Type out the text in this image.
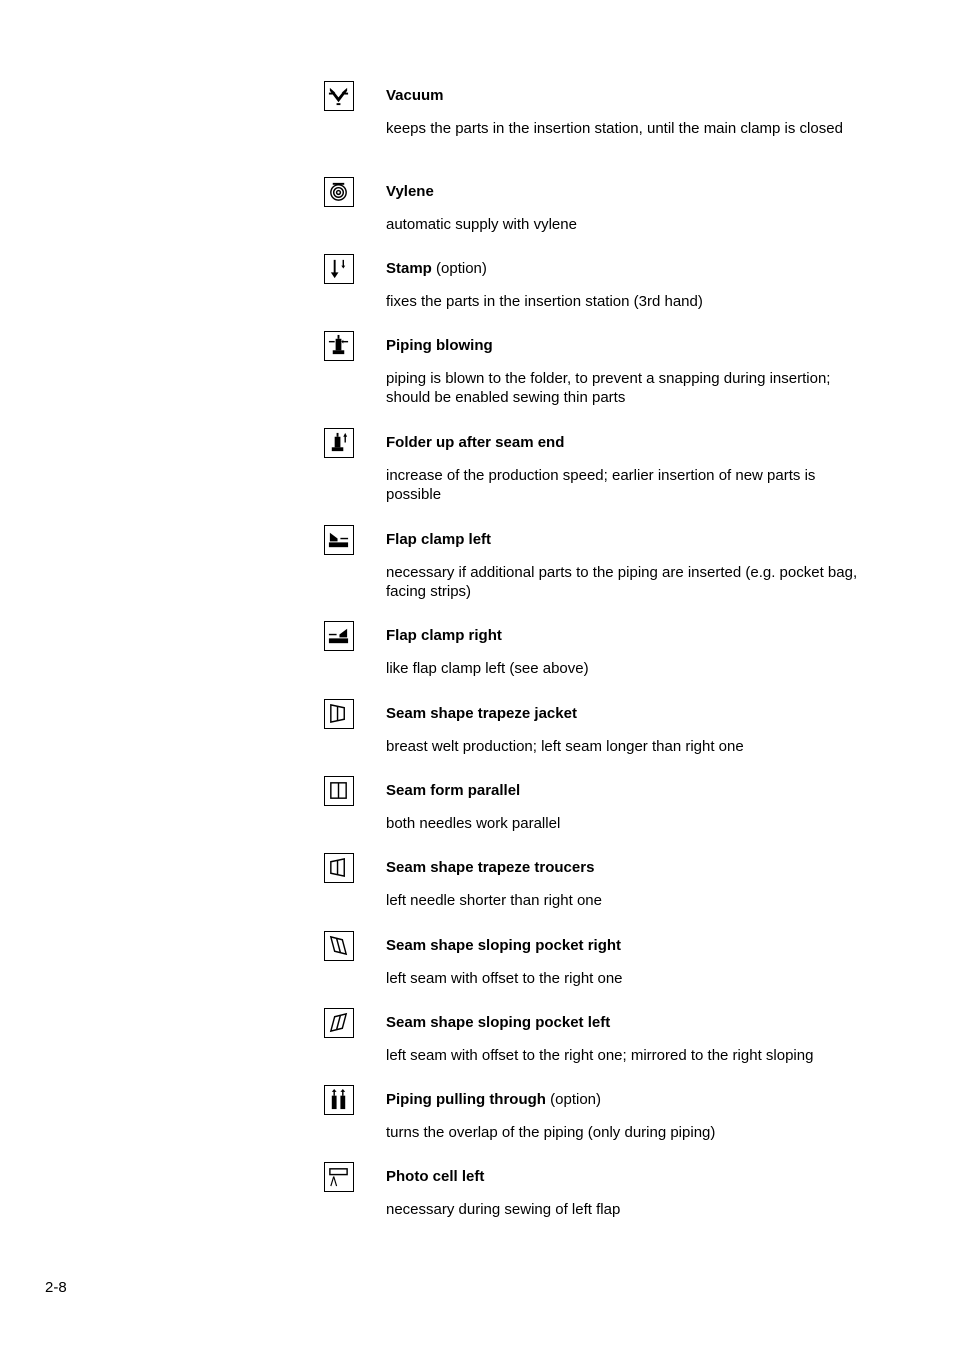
Vacuum
keeps the parts in the insertion station, until the main clamp is closed
Vylene
automatic supply with vylene
Stamp (option)
fixes the parts in the insertion station (3rd hand)
Piping blowing
piping is blown to the folder, to prevent a snapping during insertion; should be enabled sewing thin parts
Folder up after seam end
increase of the production speed; earlier insertion of new parts is possible
Flap clamp left
necessary if additional parts to the piping are inserted (e.g. pocket bag, facing strips)
Flap clamp right
like flap clamp left (see above)
Seam shape trapeze jacket
breast welt production; left seam longer than right one
Seam form parallel
both needles work parallel
Seam shape trapeze troucers
left needle shorter than right one
Seam shape sloping pocket right
left seam with offset to the right one
Seam shape sloping pocket left
left seam with offset to the right one; mirrored to the right sloping
Piping pulling through (option)
turns the overlap of the piping (only during piping)
Photo cell left
necessary during sewing of left flap
2-8
